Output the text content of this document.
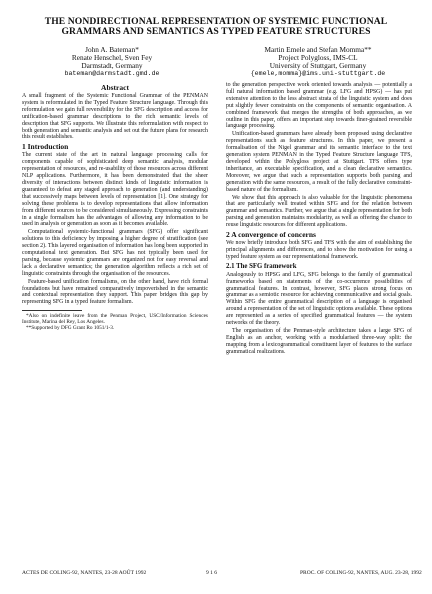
THE NONDIRECTIONAL REPRESENTATION OF SYSTEMIC FUNCTIONAL GRAMMARS AND SEMANTICS AS TYPED FEATURE STRUCTURES
John A. Bateman*
Renate Henschel, Sven Fey
Darmstadt, Germany
bateman@darmstadt.gmd.de
Martin Emele and Stefan Momma**
Project Polygloss, IMS-CL
University of Stuttgart, Germany
{emele,momma}@ims.uni-stuttgart.de
Abstract

A small fragment of the Systemic Functional Grammar of the PENMAN system is reformulated in the Typed Feature Structure language. Through this reformulation we gain full reversibility for the SFG description and access for unification-based grammar descriptions to the rich semantic levels of description that SFG supports. We illustrate this reformulation with respect to both generation and semantic analysis and set out the future plans for research this result establishes.

1 Introduction

The current state of the art in natural language processing calls for components capable of sophisticated deep semantic analysis, modular representation of resources, and re-usability of those resources across different NLP applications. Furthermore, it has been demonstrated that the sheer diversity of interactions between distinct kinds of linguistic information is guaranteed to defeat any staged approach to generation (and understanding) that successively maps between levels of representation [1]. One strategy for solving these problems is to develop representations that allow information from different sources to be considered simultaneously. Expressing constraints in a single formalism has the advantages of allowing any information to be used in analysis or generation as soon as it becomes available.

Computational systemic-functional grammars (SFG) offer significant solutions to this deficiency by imposing a higher degree of stratification (see section 2). This layered organisation of information has long been supported in computational text generation. But SFG has not typically been used for parsing, because systemic grammars are organized not for easy reversal and lack a declarative semantics; the generation algorithm reflects a rich set of linguistic constraints through the organisation of the resources.

Feature-based unification formalisms, on the other hand, have rich formal foundations but have remained comparatively impoverished in the semantic and contextual representation they support. This paper bridges this gap by representing SFG in a typed feature formalism.

*Also on indefinite leave from the Penman Project, USC/Information Sciences Institute, Marina del Rey, Los Angeles.

**Supported by DFG Grant Ro 1051/1-3.

to the generation perspective work oriented towards analysis — potentially a full natural information based grammar (e.g. LFG and HPSG) — has put extensive attention to the less abstract strata of the linguistic system and does put slightly fewer constraints on the components of semantic organisation. A combined framework that merges the strengths of both approaches, as we outline in this paper, offers an important step towards finer-grained reversible language processing.

Unification-based grammars have already been proposed using declarative representations such as feature structures. In this paper, we present a formalisation of the Nigel grammar and its semantic interface to the text generation system PENMAN in the Typed Feature Structure language TFS, developed within the Polygloss project at Stuttgart. TFS offers type inheritance, an executable specification, and a clean declarative semantics. Moreover, we argue that such a representation supports both parsing and generation with the same resources, a result of the fully declarative constraint-based nature of the formalism.

We show that this approach is also valuable for the linguistic phenomena that are particularly well treated within SFG and for the relation between grammar and semantics. Further, we argue that a single representation for both parsing and generation maintains modularity, as well as offering the chance to reuse linguistic resources for different applications.

2 A convergence of concerns

We now briefly introduce both SFG and TFS with the aim of establishing the principal alignments and differences, and to show the motivation for using a typed feature system as our representational framework.

2.1 The SFG framework

Analogously to HPSG and LFG, SFG belongs to the family of grammatical frameworks based on statements of the co-occurrence possibilities of grammatical features. In contrast, however, SFG places strong focus on grammar as a semiotic resource for achieving communicative and social goals. Within SFG the entire grammatical description of a language is organised around a representation of the set of linguistic options available. These options are represented as a series of specified grammatical features — the system networks of the theory.

The organisation of the Penman-style architecture takes a large SFG of English as an anchor, working with a modularised three-way split: the mapping from a lexicogrammatical constituent layer of features to the surface grammatical realizations.

ACTES DE COLING-92, NANTES, 23-28 AOÛT 1992	9 1 6	PROC. OF COLING-92, NANTES, AUG. 23-28, 1992
